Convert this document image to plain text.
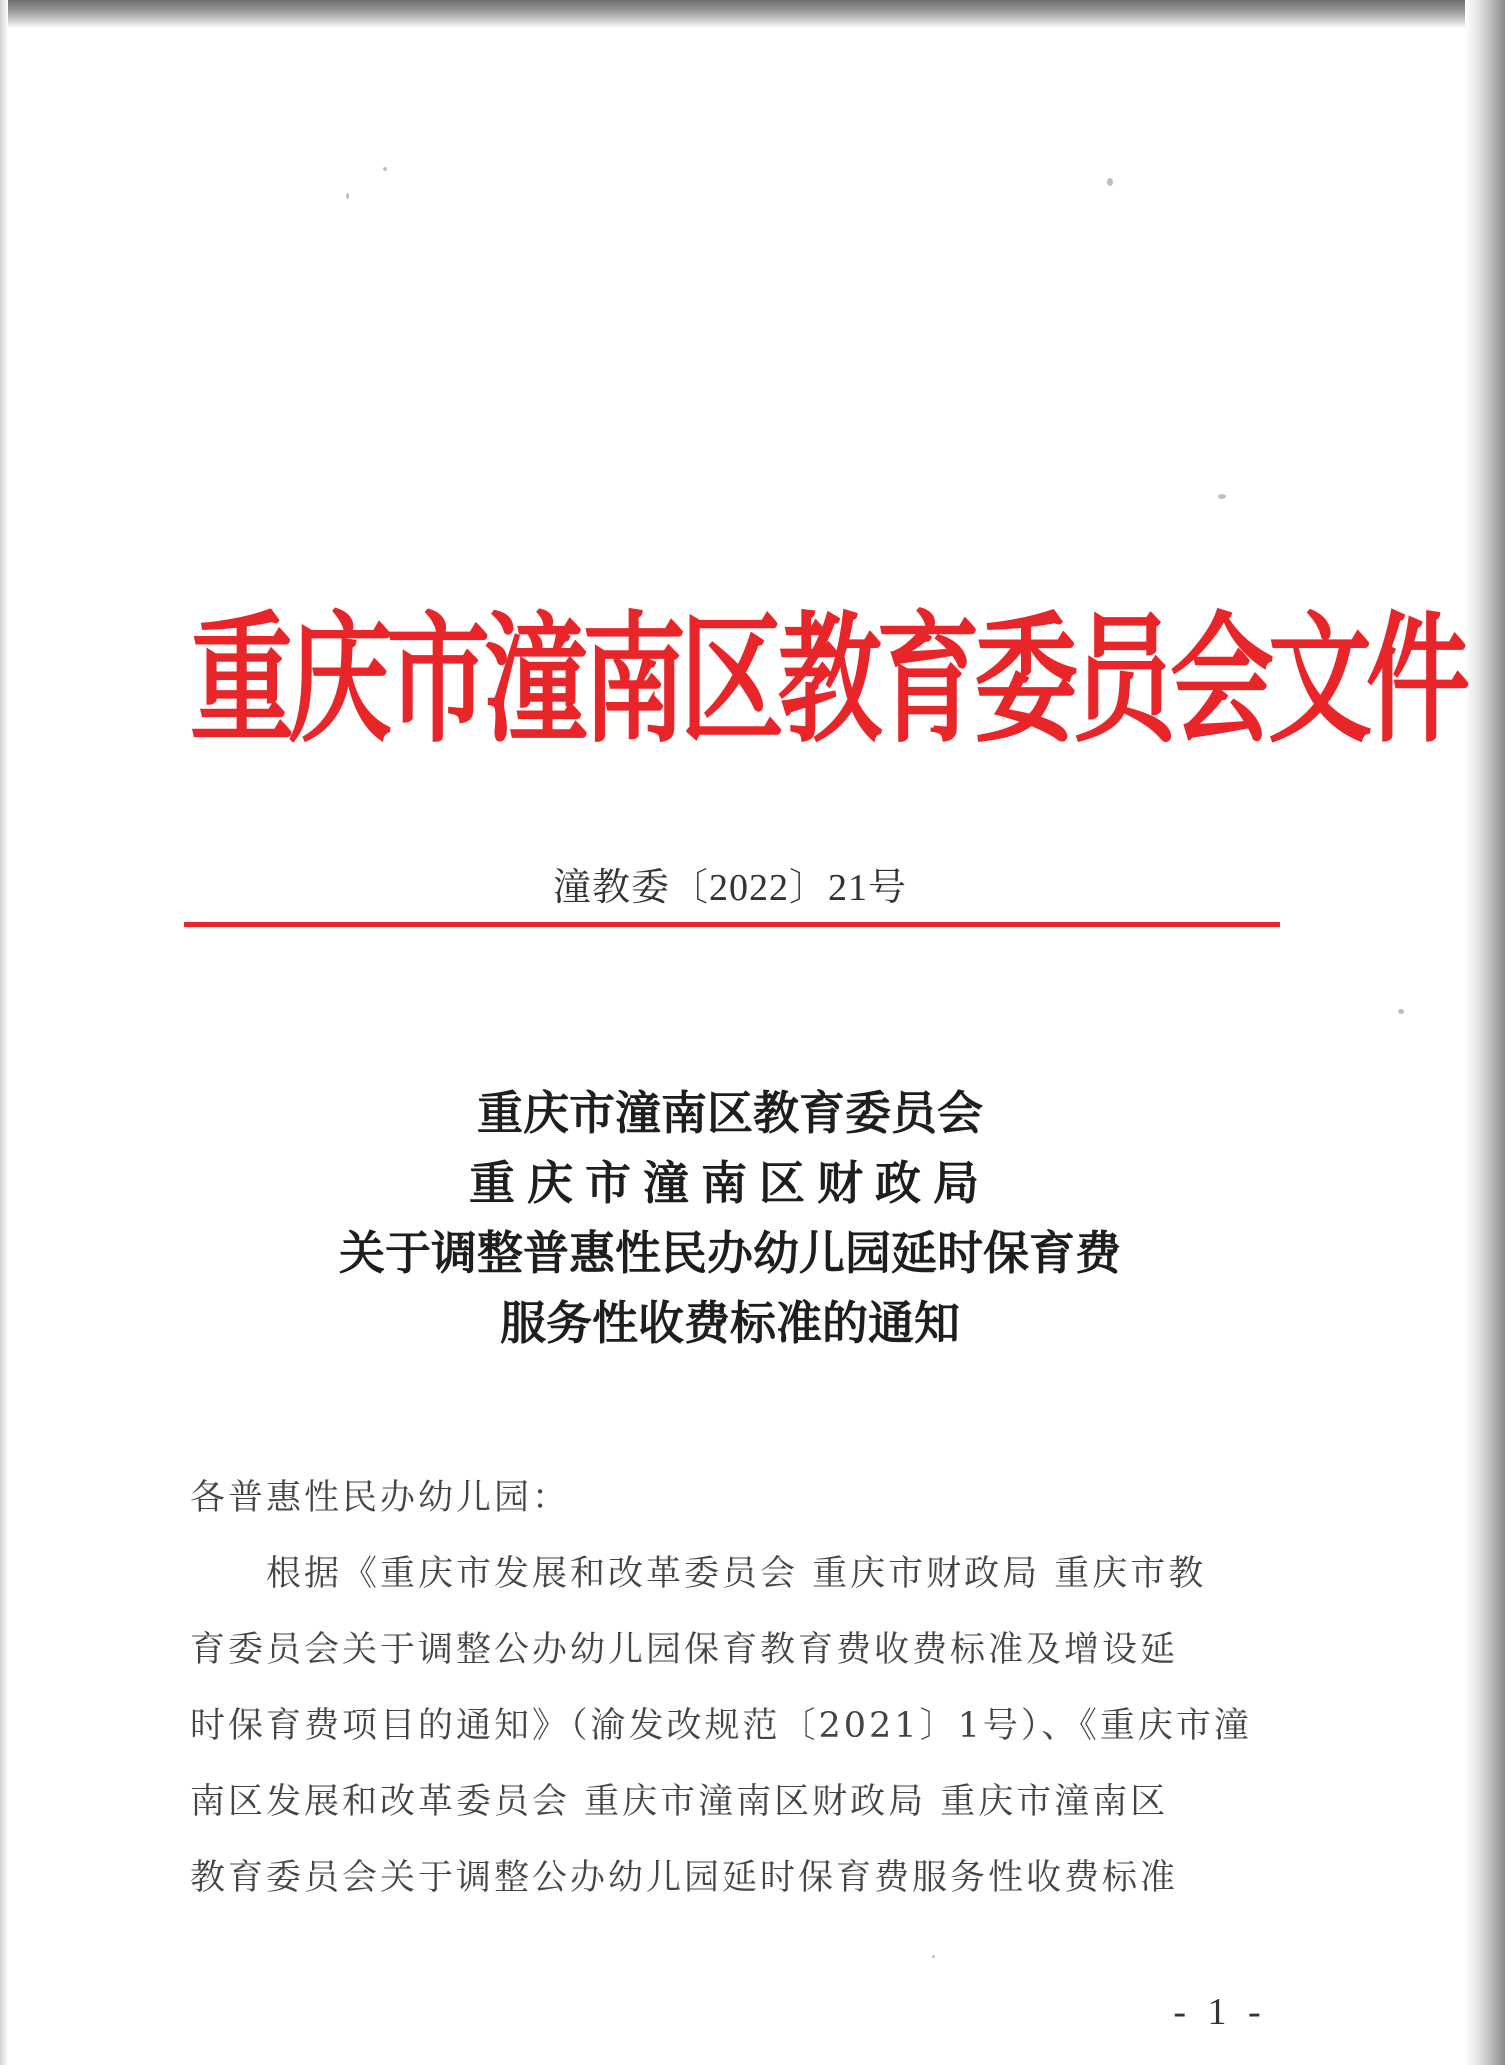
重庆市潼南区教育委员会文件
潼教委〔2022〕21号
重庆市潼南区教育委员会
重庆市潼南区财政局
关于调整普惠性民办幼儿园延时保育费
服务性收费标准的通知

各普惠性民办幼儿园：

根据《重庆市发展和改革委员会 重庆市财政局 重庆市教
育委员会关于调整公办幼儿园保育教育费收费标准及增设延
时保育费项目的通知》（渝发改规范〔2021〕1号）、《重庆市潼
南区发展和改革委员会 重庆市潼南区财政局 重庆市潼南区
教育委员会关于调整公办幼儿园延时保育费服务性收费标准
- 1 -
